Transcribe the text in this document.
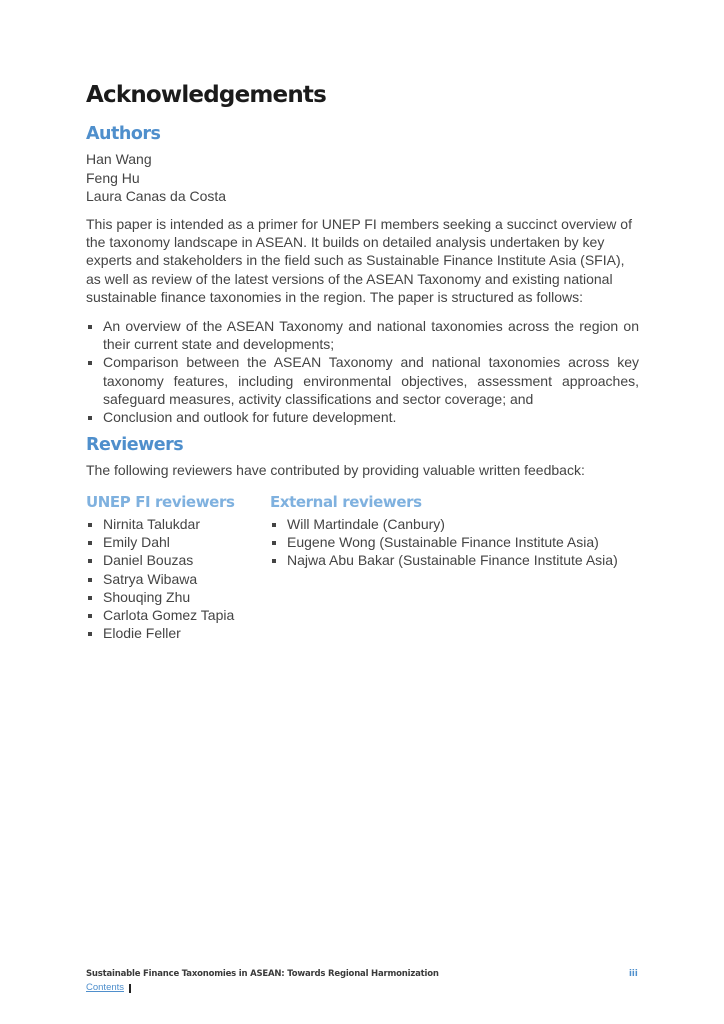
Acknowledgements
Authors
Han Wang
Feng Hu
Laura Canas da Costa

This paper is intended as a primer for UNEP FI members seeking a succinct overview of the taxonomy landscape in ASEAN. It builds on detailed analysis undertaken by key experts and stakeholders in the field such as Sustainable Finance Institute Asia (SFIA), as well as review of the latest versions of the ASEAN Taxonomy and existing national sustainable finance taxonomies in the region. The paper is structured as follows:

An overview of the ASEAN Taxonomy and national taxonomies across the region on their current state and developments;
Comparison between the ASEAN Taxonomy and national taxonomies across key taxonomy features, including environmental objectives, assessment approaches, safeguard measures, activity classifications and sector coverage; and
Conclusion and outlook for future development.
Reviewers

The following reviewers have contributed by providing valuable written feedback:

UNEP FI reviewers
Nirnita Talukdar
Emily Dahl
Daniel Bouzas
Satrya Wibawa
Shouqing Zhu
Carlota Gomez Tapia
Elodie Feller
External reviewers
Will Martindale (Canbury)
Eugene Wong (Sustainable Finance Institute Asia)
Najwa Abu Bakar (Sustainable Finance Institute Asia)
Sustainable Finance Taxonomies in ASEAN: Towards Regional Harmonization	iii
Contents
